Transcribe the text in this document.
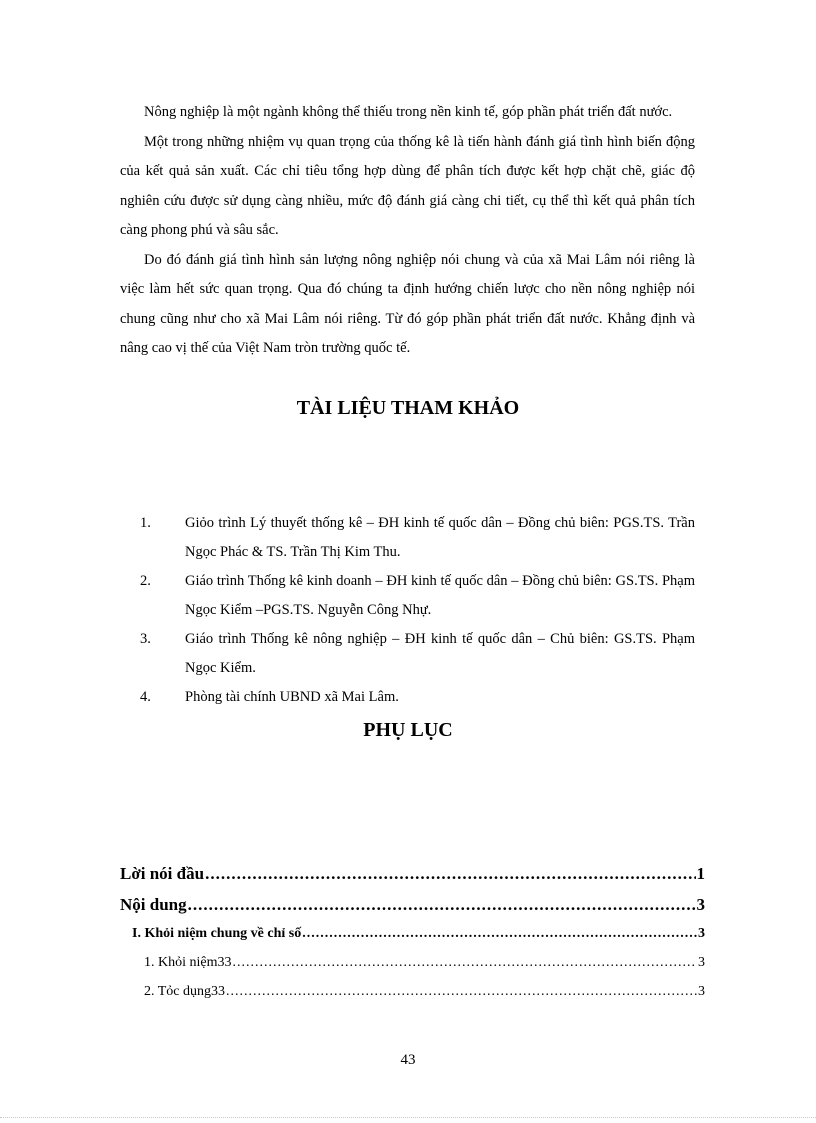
Nông nghiệp là một ngành không thể thiếu trong nền kinh tế, góp phần phát triển đất nước.

Một trong những nhiệm vụ quan trọng của thống kê là tiến hành đánh giá tình hình biến động của kết quả sản xuất. Các chỉ tiêu tổng hợp dùng để phân tích được kết hợp chặt chẽ, giác độ nghiên cứu được sử dụng càng nhiều, mức độ đánh giá càng chi tiết, cụ thể thì kết quả phân tích càng phong phú và sâu sắc.

Do đó đánh giá tình hình sản lượng nông nghiệp nói chung và của xã Mai Lâm nói riêng là việc làm hết sức quan trọng. Qua đó chúng ta định hướng chiến lược cho nền nông nghiệp nói chung cũng như cho xã Mai Lâm nói riêng. Từ đó góp phần phát triển đất nước. Khẳng định và nâng cao vị thế của Việt Nam tròn trường quốc tế.

TÀI LIỆU THAM KHẢO
1.	Giỏo trình Lý thuyết thống kê – ĐH kinh tế quốc dân – Đồng chủ biên: PGS.TS. Trần Ngọc Phác & TS. Trần Thị Kim Thu.
2.	Giáo trình Thống kê kinh doanh – ĐH kinh tế quốc dân – Đồng chủ biên: GS.TS. Phạm Ngọc Kiểm –PGS.TS. Nguyễn Công Nhự.
3.	Giáo trình Thống kê nông nghiệp – ĐH kinh tế quốc dân – Chủ biên: GS.TS. Phạm Ngọc Kiểm.
4.	Phòng tài chính UBND xã Mai Lâm.
PHỤ LỤC
Lời nói đầu .....	1
Nội dung .....	3
I. Khỏi niệm chung về chỉ số .....	3
1. Khỏi niệm33 .....	3
2. Tỏc dụng33 .....	3
43
